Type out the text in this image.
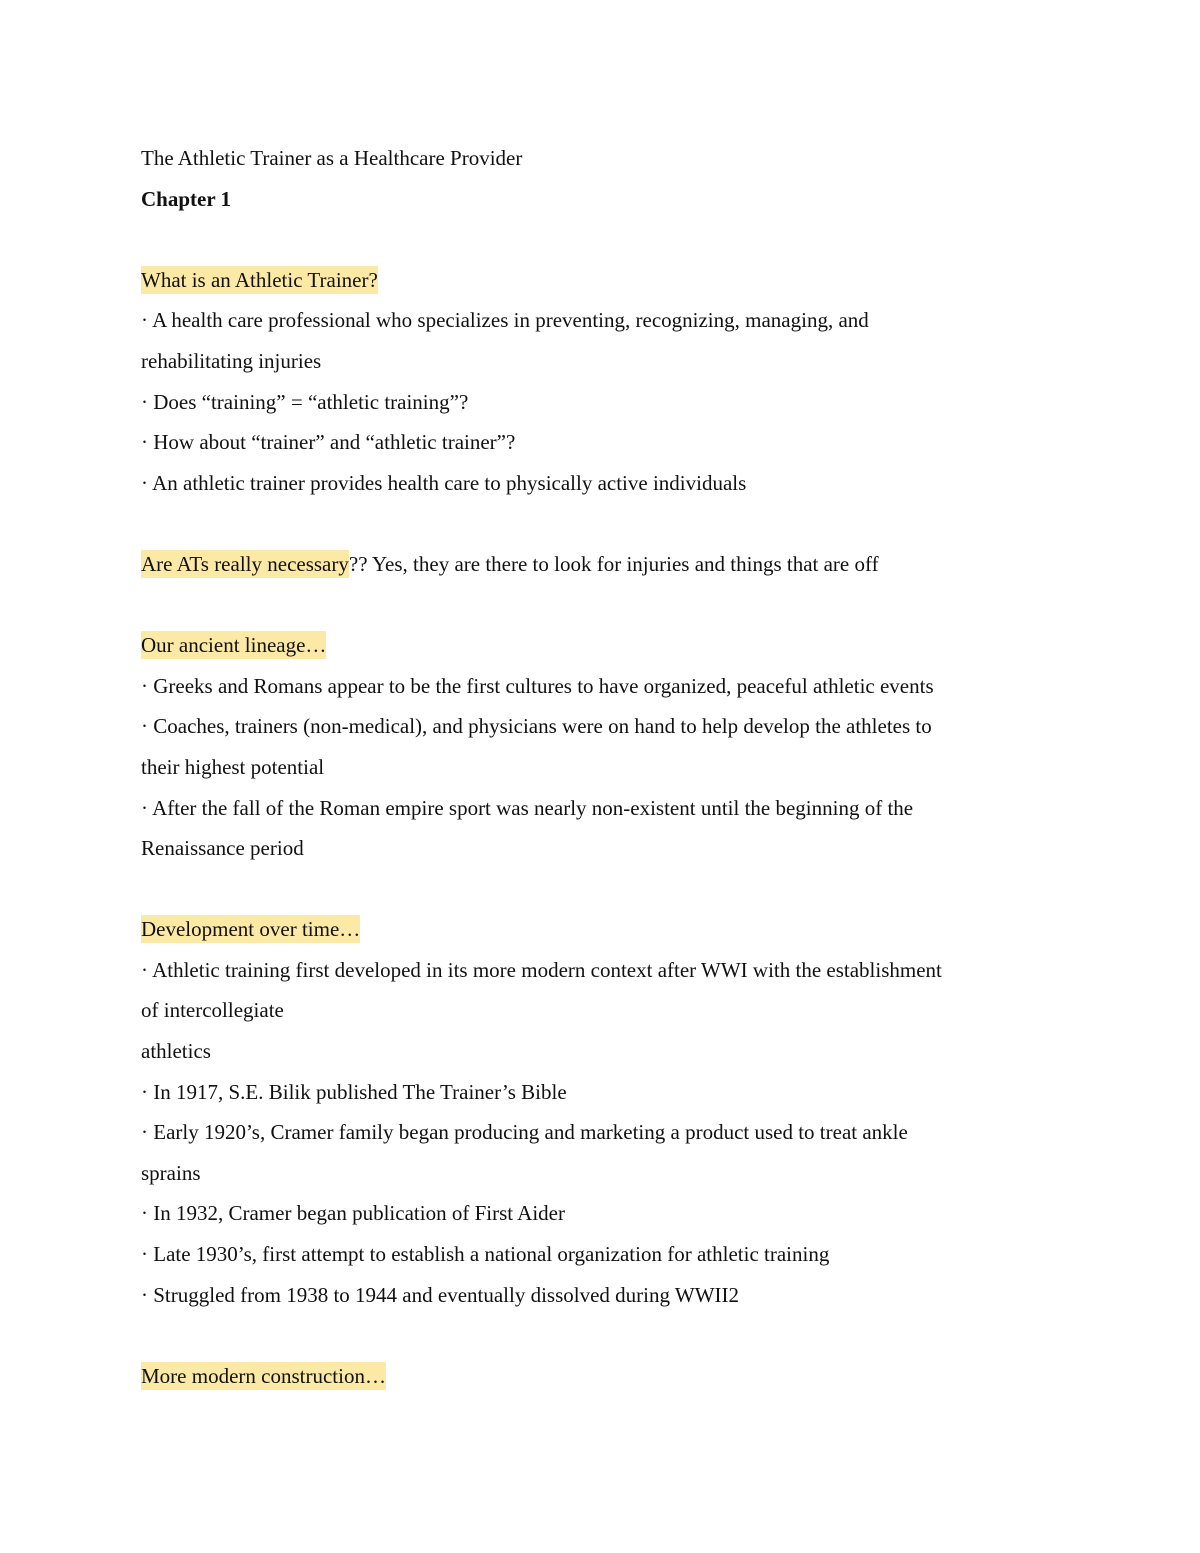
The Athletic Trainer as a Healthcare Provider
Chapter 1
What is an Athletic Trainer?
· A health care professional who specializes in preventing, recognizing, managing, and
rehabilitating injuries
· Does “training” = “athletic training”?
· How about “trainer” and “athletic trainer”?
· An athletic trainer provides health care to physically active individuals
Are ATs really necessary?? Yes, they are there to look for injuries and things that are off
Our ancient lineage…
· Greeks and Romans appear to be the first cultures to have organized, peaceful athletic events
· Coaches, trainers (non-medical), and physicians were on hand to help develop the athletes to
their highest potential
· After the fall of the Roman empire sport was nearly non-existent until the beginning of the
Renaissance period
Development over time…
· Athletic training first developed in its more modern context after WWI with the establishment
of intercollegiate
athletics
· In 1917, S.E. Bilik published The Trainer’s Bible
· Early 1920’s, Cramer family began producing and marketing a product used to treat ankle
sprains
· In 1932, Cramer began publication of First Aider
· Late 1930’s, first attempt to establish a national organization for athletic training
· Struggled from 1938 to 1944 and eventually dissolved during WWII2
More modern construction…
